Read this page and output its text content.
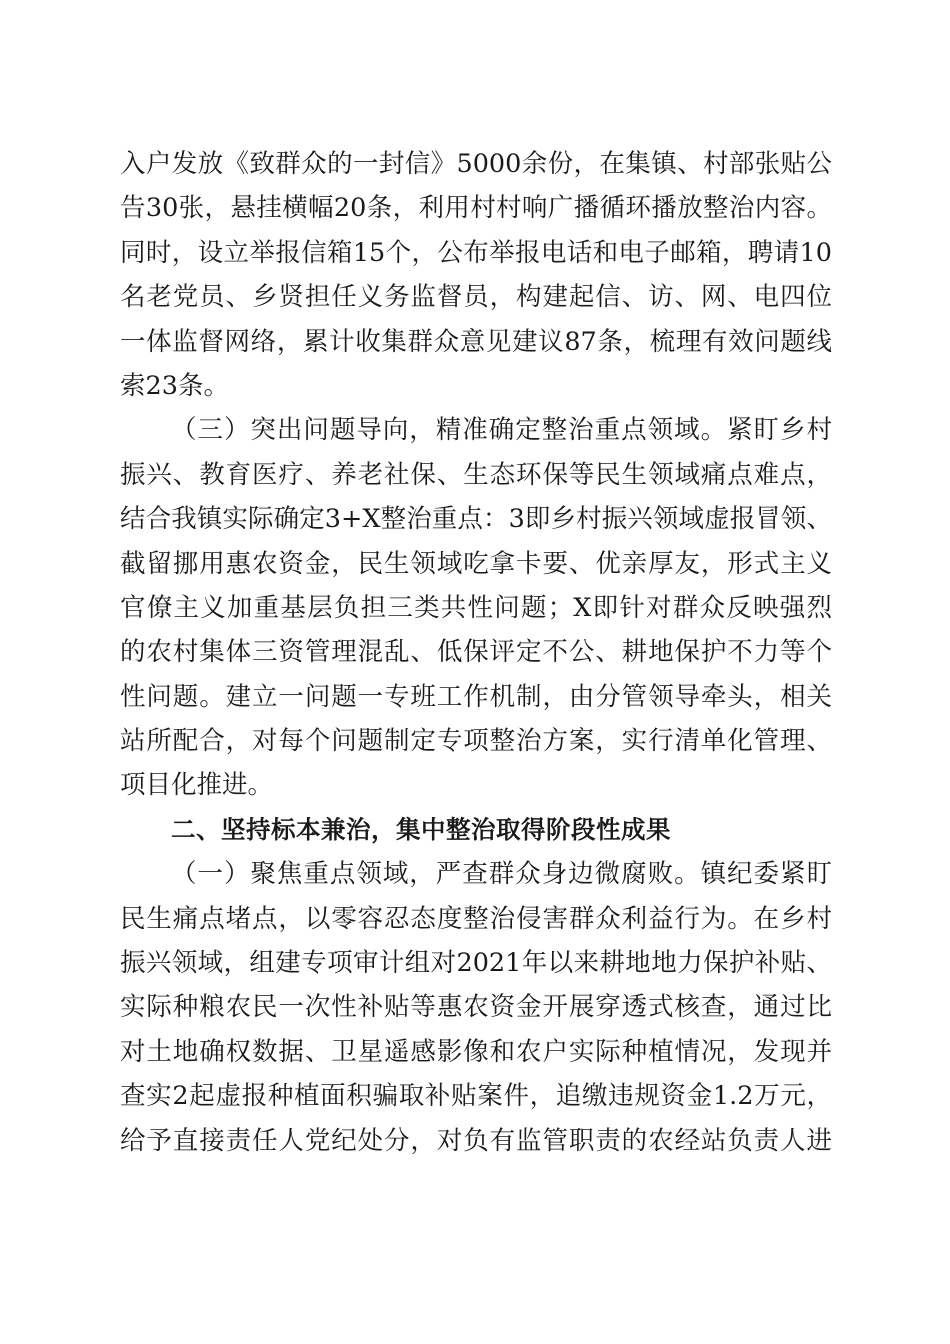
入户发放《致群众的一封信》5000余份，在集镇、村部张贴公
告30张，悬挂横幅20条，利用村村响广播循环播放整治内容。
同时，设立举报信箱15个，公布举报电话和电子邮箱，聘请10
名老党员、乡贤担任义务监督员，构建起信、访、网、电四位
一体监督网络，累计收集群众意见建议87条，梳理有效问题线
索23条。
（三）突出问题导向，精准确定整治重点领域。紧盯乡村
振兴、教育医疗、养老社保、生态环保等民生领域痛点难点，
结合我镇实际确定3+X整治重点：3即乡村振兴领域虚报冒领、
截留挪用惠农资金，民生领域吃拿卡要、优亲厚友，形式主义
官僚主义加重基层负担三类共性问题；X即针对群众反映强烈
的农村集体三资管理混乱、低保评定不公、耕地保护不力等个
性问题。建立一问题一专班工作机制，由分管领导牵头，相关
站所配合，对每个问题制定专项整治方案，实行清单化管理、
项目化推进。
二、坚持标本兼治，集中整治取得阶段性成果
（一）聚焦重点领域，严查群众身边微腐败。镇纪委紧盯
民生痛点堵点，以零容忍态度整治侵害群众利益行为。在乡村
振兴领域，组建专项审计组对2021年以来耕地地力保护补贴、
实际种粮农民一次性补贴等惠农资金开展穿透式核查，通过比
对土地确权数据、卫星遥感影像和农户实际种植情况，发现并
查实2起虚报种植面积骗取补贴案件，追缴违规资金1.2万元，
给予直接责任人党纪处分，对负有监管职责的农经站负责人进
